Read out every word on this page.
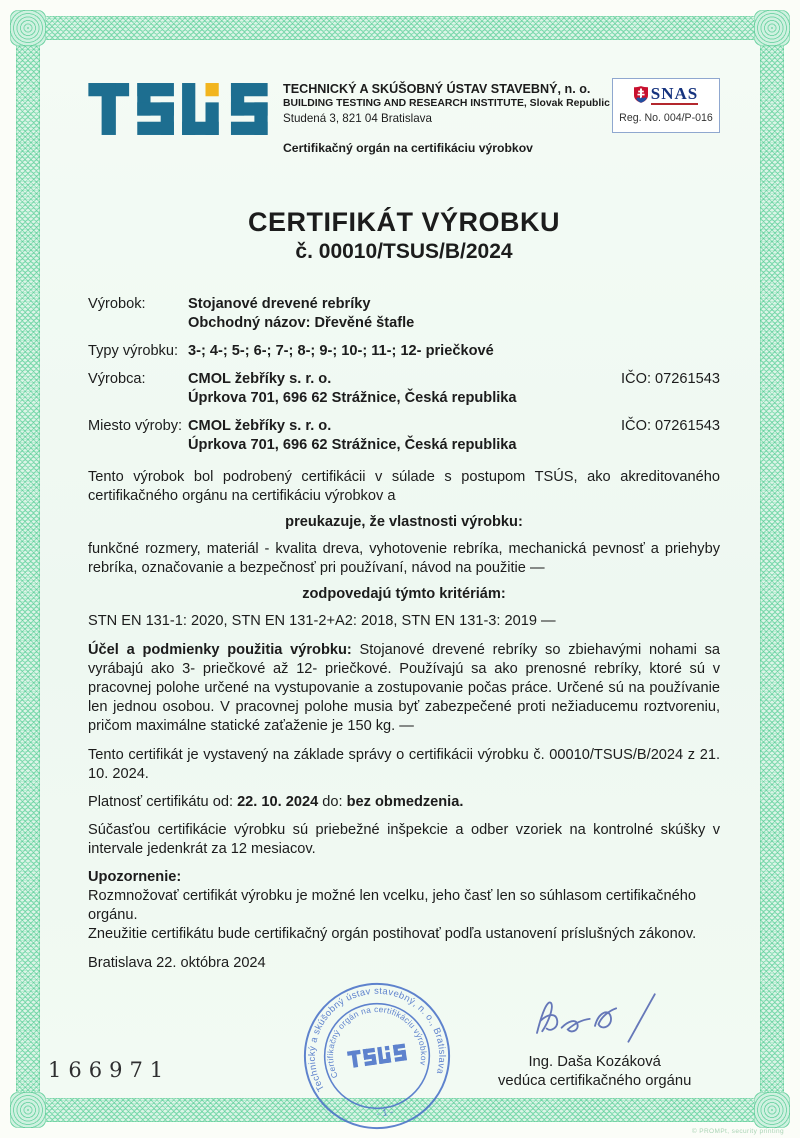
TECHNICKÝ A SKÚŠOBNÝ ÚSTAV STAVEBNÝ, n. o.
BUILDING TESTING AND RESEARCH INSTITUTE, Slovak Republic
Studená 3, 821 04 Bratislava
Certifikačný orgán na certifikáciu výrobkov
SNAS
Reg. No. 004/P-016
CERTIFIKÁT VÝROBKU
č. 00010/TSUS/B/2024
Výrobok:	Stojanové drevené rebríky
Obchodný názov: Dřevěné štafle
Typy výrobku: 3-; 4-; 5-; 6-; 7-; 8-; 9-; 10-; 11-; 12- priečkové
Výrobca:	CMOL žebříky s. r. o.
Úprkova 701, 696 62 Strážnice, Česká republika
IČO: 07261543
Miesto výroby: CMOL žebříky s. r. o.
Úprkova 701, 696 62 Strážnice, Česká republika
IČO: 07261543

Tento výrobok bol podrobený certifikácii v súlade s postupom TSÚS, ako akreditovaného certifikačného orgánu na certifikáciu výrobkov a

preukazuje, že vlastnosti výrobku:

funkčné rozmery, materiál - kvalita dreva, vyhotovenie rebríka, mechanická pevnosť a priehyby rebríka, označovanie a bezpečnosť pri používaní, návod na použitie —

zodpovedajú týmto kritériám:

STN EN 131-1: 2020, STN EN 131-2+A2: 2018, STN EN 131-3: 2019 —

Účel a podmienky použitia výrobku: Stojanové drevené rebríky so zbiehavými nohami sa vyrábajú ako 3- priečkové až 12- priečkové. Používajú sa ako prenosné rebríky, ktoré sú v pracovnej polohe určené na vystupovanie a zostupovanie počas práce. Určené sú na používanie len jednou osobou. V pracovnej polohe musia byť zabezpečené proti nežiaducemu roztvoreniu, pričom maximálne statické zaťaženie je 150 kg. —

Tento certifikát je vystavený na základe správy o certifikácii výrobku č. 00010/TSUS/B/2024 z 21. 10. 2024.

Platnosť certifikátu od: 22. 10. 2024 do: bez obmedzenia.

Súčasťou certifikácie výrobku sú priebežné inšpekcie a odber vzoriek na kontrolné skúšky v intervale jedenkrát za 12 mesiacov.

Upozornenie:
Rozmnožovať certifikát výrobku je možné len vcelku, jeho časť len so súhlasom certifikačného orgánu.
Zneužitie certifikátu bude certifikačný orgán postihovať podľa ustanovení príslušných zákonov.

Bratislava 22. októbra 2024

Technický a skúšobný ústav stavebný, n. o., Bratislava
Certifikačný orgán na certifikáciu výrobkov
- 1 -
Ing. Daša Kozáková
vedúca certifikačného orgánu
166971
© PROMPt, security printing
